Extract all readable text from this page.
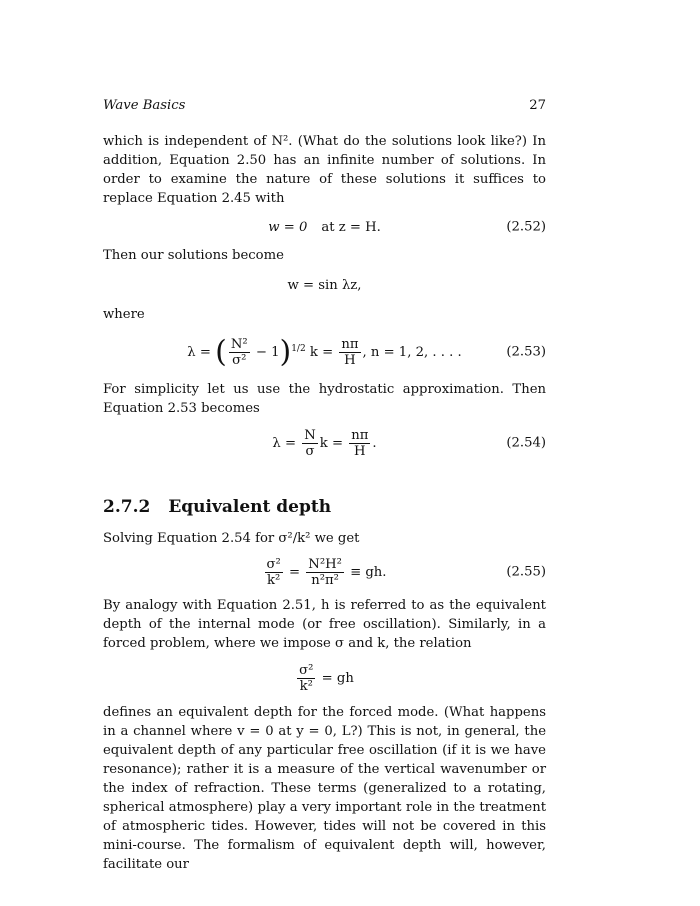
Wave Basics	27

which is independent of N². (What do the solutions look like?) In addition, Equation 2.50 has an infinite number of solutions. In order to examine the nature of these solutions it suffices to replace Equation 2.45 with

w = 0 at z = H.	(2.52)

Then our solutions become

w = sin λz,

where

λ = ( $\frac{\text{N²}}{\text{σ²}} - 1)^{1/2}$ $k = \frac{n\pi}{H}$ , n = 1, 2, . . . .	(2.53)

For simplicity let us use the hydrostatic approximation. Then Equation 2.53 becomes

$\lambda = \frac{N}{\sigma}$ $k = \frac{n\pi}{H}$ .	(2.54)
2.7.2 Equivalent depth

Solving Equation 2.54 for σ²/k² we get

$\frac{\text{σ²}}{\text{k²}} = \frac{\text{N²H²}}{\text{n²π²}}$ ≡ gh.	(2.55)

By analogy with Equation 2.51, h is referred to as the equivalent depth of the internal mode (or free oscillation). Similarly, in a forced problem, where we impose σ and k, the relation

$\frac{\text{σ²}}{\text{k²}}$ = gh

defines an equivalent depth for the forced mode. (What happens in a channel where v = 0 at y = 0, L?) This is not, in general, the equivalent depth of any particular free oscillation (if it is we have resonance); rather it is a measure of the vertical wavenumber or the index of refraction. These terms (generalized to a rotating, spherical atmosphere) play a very important role in the treatment of atmospheric tides. However, tides will not be covered in this mini-course. The formalism of equivalent depth will, however, facilitate our
